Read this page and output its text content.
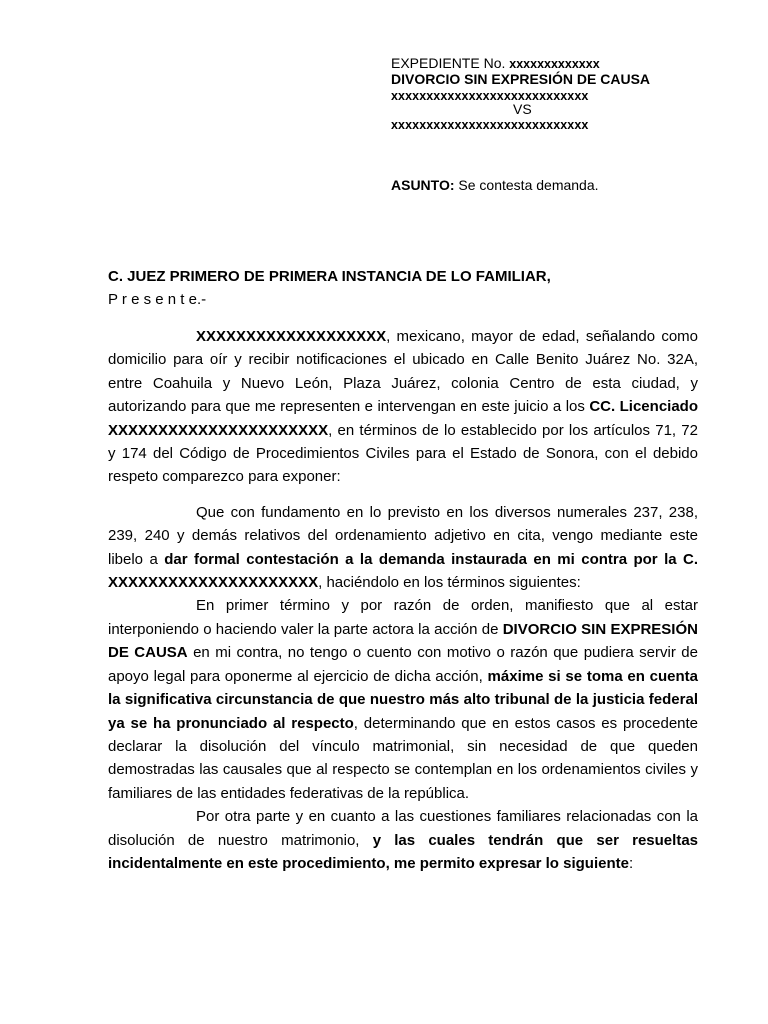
EXPEDIENTE No. xxxxxxxxxxxxx
DIVORCIO SIN EXPRESIÓN DE CAUSA
xxxxxxxxxxxxxxxxxxxxxxxxxxxx
VS
xxxxxxxxxxxxxxxxxxxxxxxxxxxx
ASUNTO: Se contesta demanda.
C. JUEZ PRIMERO DE PRIMERA INSTANCIA DE LO FAMILIAR,
P r e s e n t e.-

XXXXXXXXXXXXXXXXXXX, mexicano, mayor de edad, señalando como domicilio para oír y recibir notificaciones el ubicado en Calle Benito Juárez No. 32A, entre Coahuila y Nuevo León, Plaza Juárez, colonia Centro de esta ciudad, y autorizando para que me representen e intervengan en este juicio a los CC. Licenciado XXXXXXXXXXXXXXXXXXXXXX, en términos de lo establecido por los artículos 71, 72 y 174 del Código de Procedimientos Civiles para el Estado de Sonora, con el debido respeto comparezco para exponer:

Que con fundamento en lo previsto en los diversos numerales 237, 238, 239, 240 y demás relativos del ordenamiento adjetivo en cita, vengo mediante este libelo a dar formal contestación a la demanda instaurada en mi contra por la C. XXXXXXXXXXXXXXXXXXXXX, haciéndolo en los términos siguientes:

En primer término y por razón de orden, manifiesto que al estar interponiendo o haciendo valer la parte actora la acción de DIVORCIO SIN EXPRESIÓN DE CAUSA en mi contra, no tengo o cuento con motivo o razón que pudiera servir de apoyo legal para oponerme al ejercicio de dicha acción, máxime si se toma en cuenta la significativa circunstancia de que nuestro más alto tribunal de la justicia federal ya se ha pronunciado al respecto, determinando que en estos casos es procedente declarar la disolución del vínculo matrimonial, sin necesidad de que queden demostradas las causales que al respecto se contemplan en los ordenamientos civiles y familiares de las entidades federativas de la república.

Por otra parte y en cuanto a las cuestiones familiares relacionadas con la disolución de nuestro matrimonio, y las cuales tendrán que ser resueltas incidentalmente en este procedimiento, me permito expresar lo siguiente:
